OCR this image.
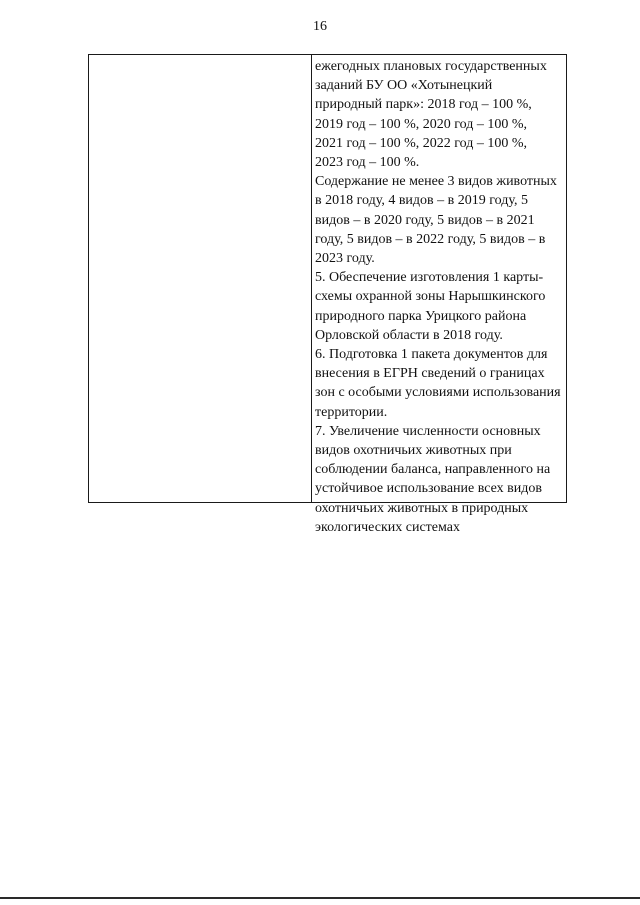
16
ежегодных плановых государственных
заданий БУ ОО «Хотынецкий
природный парк»: 2018 год – 100 %,
2019 год – 100 %, 2020 год – 100 %,
2021 год – 100 %, 2022 год – 100 %,
2023 год – 100 %.
Содержание не менее 3 видов животных
в 2018 году, 4 видов – в 2019 году, 5
видов – в 2020 году, 5 видов – в 2021
году, 5 видов – в 2022 году, 5 видов – в
2023 году.
5. Обеспечение изготовления 1 карты-
схемы охранной зоны Нарышкинского
природного парка Урицкого района
Орловской области в 2018 году.
6. Подготовка 1 пакета документов для
внесения в ЕГРН сведений о границах
зон с особыми условиями использования
территории.
7. Увеличение численности основных
видов охотничьих животных при
соблюдении баланса, направленного на
устойчивое использование всех видов
охотничьих животных в природных
экологических системах
